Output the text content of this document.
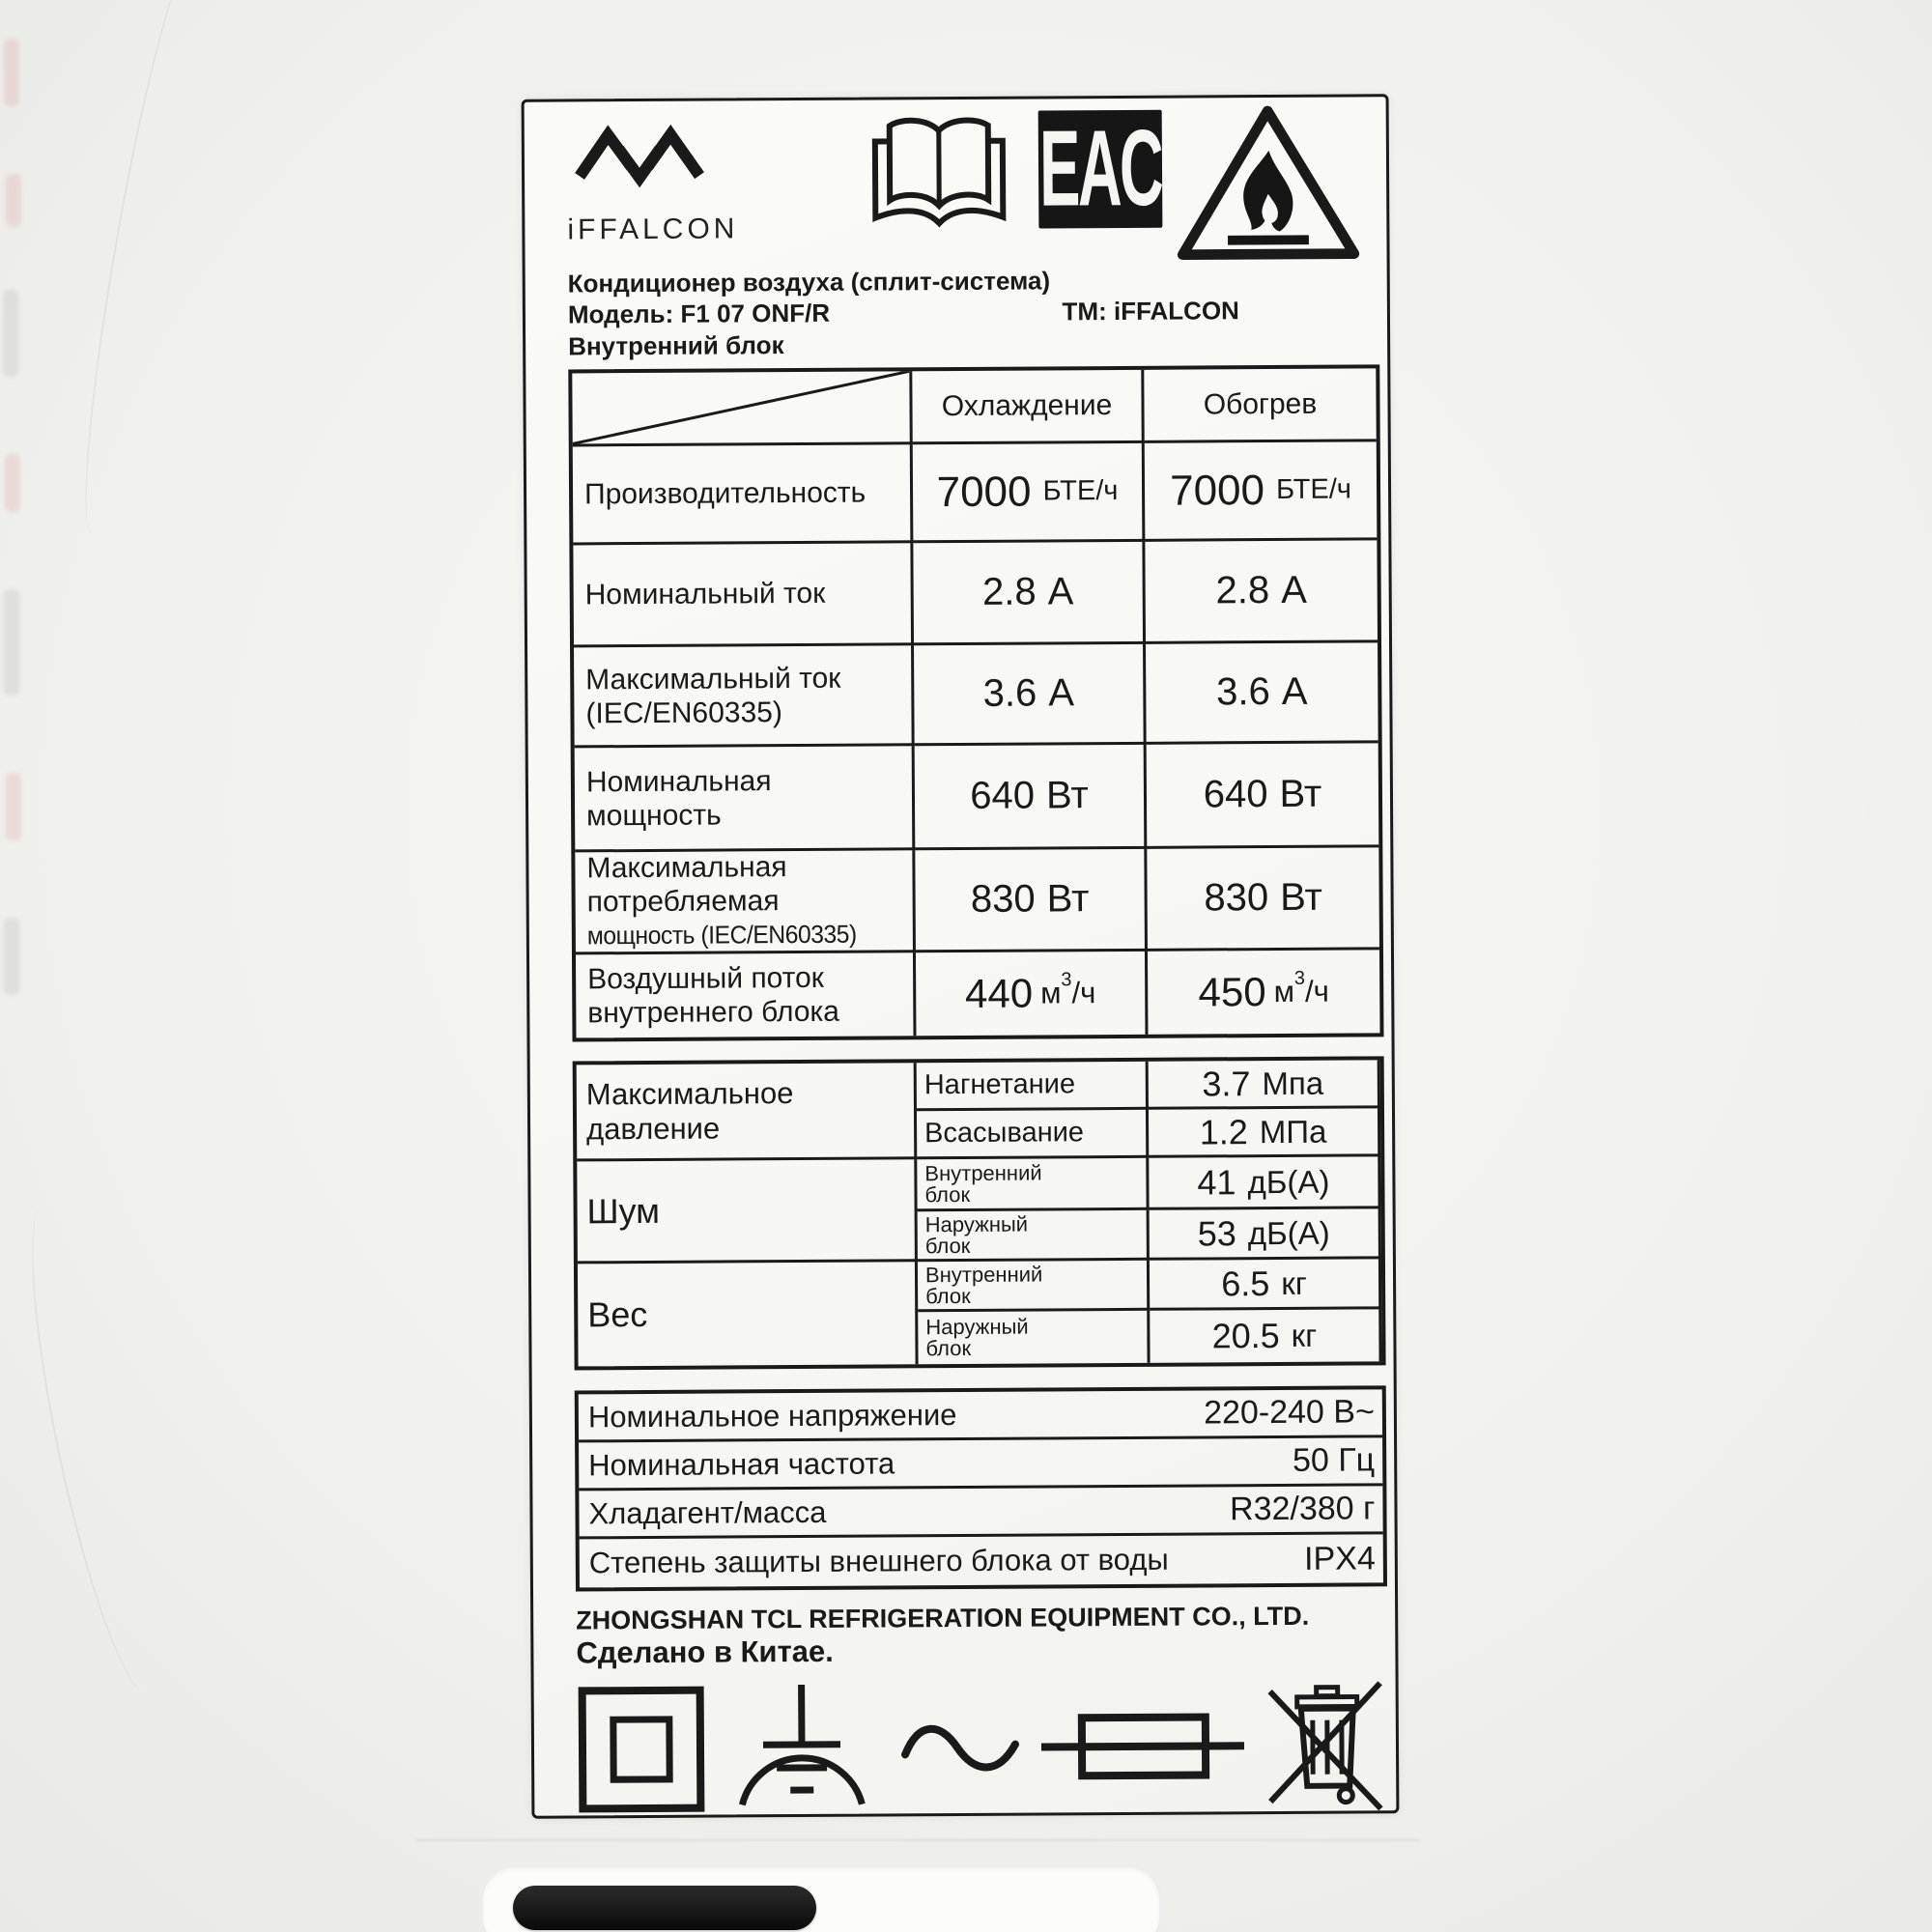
iFFALCON
EAC
Кондиционер воздуха (сплит-система)
Модель: F1 07 ONF/R	TM: iFFALCON
Внутренний блок
Охлаждение	Обогрев
Производительность 7000 БТЕ/ч 7000 БТЕ/ч
Номинальный ток	2.8 A	2.8 A
Максимальный ток
(IEC/EN60335)	3.6 A	3.6 A
Номинальная
мощность	640 Вт	640 Вт
Максимальная
потребляемая
мощность (IEC/EN60335)
830 Вт	830 Вт
Воздушный поток
внутреннего блока	440 м 3 /ч	450 м 3 /ч
Максимальное давление
Нагнетание	3.7 Мпа
Всасывание	1.2 МПа
Шум
Внутренний блок	41 дБ(А)
Наружный блок	53 дБ(А)
Вес
Внутренний блок	6.5 кг
Наружный блок	20.5 кг
Номинальное напряжение	220-240 В~
Номинальная частота	50 Гц
Хладагент/масса	R32/380 г
Степень защиты внешнего блока от воды	IPX4
ZHONGSHAN TCL REFRIGERATION EQUIPMENT CO., LTD.
Сделано в Китае.
